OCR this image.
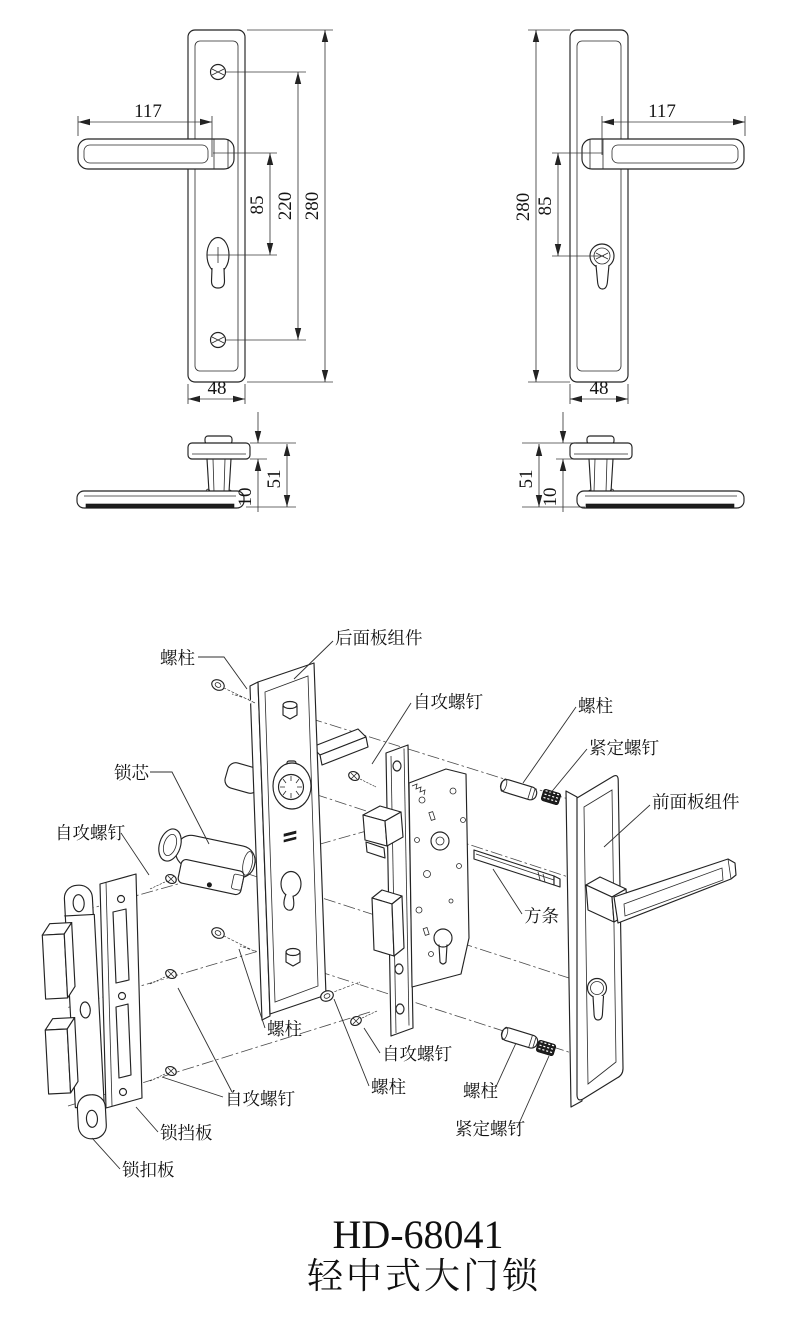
117
85 220 280
48
117
280 85
48
10
51	51
10
螺柱
后面板组件
自攻螺钉	螺柱
紧定螺钉
前面板组件
锁芯
自攻螺钉
方条
螺柱
自攻螺钉
螺柱	螺柱
紧定螺钉
自攻螺钉
锁挡板
锁扣板
HD-68041
轻中式大门锁
